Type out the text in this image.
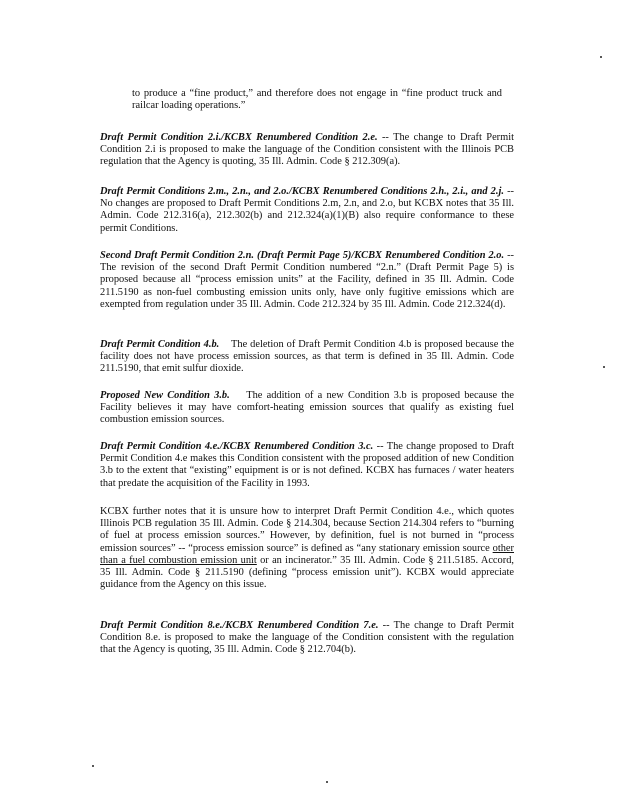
to produce a “fine product,” and therefore does not engage in “fine product truck and railcar loading operations.”

Draft Permit Condition 2.i./KCBX Renumbered Condition 2.e. -- The change to Draft Permit Condition 2.i is proposed to make the language of the Condition consistent with the Illinois PCB regulation that the Agency is quoting, 35 Ill. Admin. Code § 212.309(a).

Draft Permit Conditions 2.m., 2.n., and 2.o./KCBX Renumbered Conditions 2.h., 2.i., and 2.j. -- No changes are proposed to Draft Permit Conditions 2.m, 2.n, and 2.o, but KCBX notes that 35 Ill. Admin. Code 212.316(a), 212.302(b) and 212.324(a)(1)(B) also require conformance to these permit Conditions.

Second Draft Permit Condition 2.n. (Draft Permit Page 5)/KCBX Renumbered Condition 2.o. -- The revision of the second Draft Permit Condition numbered “2.n.” (Draft Permit Page 5) is proposed because all “process emission units” at the Facility, defined in 35 Ill. Admin. Code 211.5190 as non-fuel combusting emission units only, have only fugitive emissions which are exempted from regulation under 35 Ill. Admin. Code 212.324 by 35 Ill. Admin. Code 212.324(d).

Draft Permit Condition 4.b.    The deletion of Draft Permit Condition 4.b is proposed because the facility does not have process emission sources, as that term is defined in 35 Ill. Admin. Code 211.5190, that emit sulfur dioxide.

Proposed New Condition 3.b.    The addition of a new Condition 3.b is proposed because the Facility believes it may have comfort-heating emission sources that qualify as existing fuel combustion emission sources.

Draft Permit Condition 4.e./KCBX Renumbered Condition 3.c. -- The change proposed to Draft Permit Condition 4.e makes this Condition consistent with the proposed addition of new Condition 3.b to the extent that “existing” equipment is or is not defined. KCBX has furnaces / water heaters that predate the acquisition of the Facility in 1993.

KCBX further notes that it is unsure how to interpret Draft Permit Condition 4.e., which quotes Illinois PCB regulation 35 Ill. Admin. Code § 214.304, because Section 214.304 refers to “burning of fuel at process emission sources.” However, by definition, fuel is not burned in “process emission sources” -- “process emission source” is defined as “any stationary emission source other than a fuel combustion emission unit or an incinerator.” 35 Ill. Admin. Code § 211.5185. Accord, 35 Ill. Admin. Code § 211.5190 (defining “process emission unit”). KCBX would appreciate guidance from the Agency on this issue.

Draft Permit Condition 8.e./KCBX Renumbered Condition 7.e. -- The change to Draft Permit Condition 8.e. is proposed to make the language of the Condition consistent with the regulation that the Agency is quoting, 35 Ill. Admin. Code § 212.704(b).
